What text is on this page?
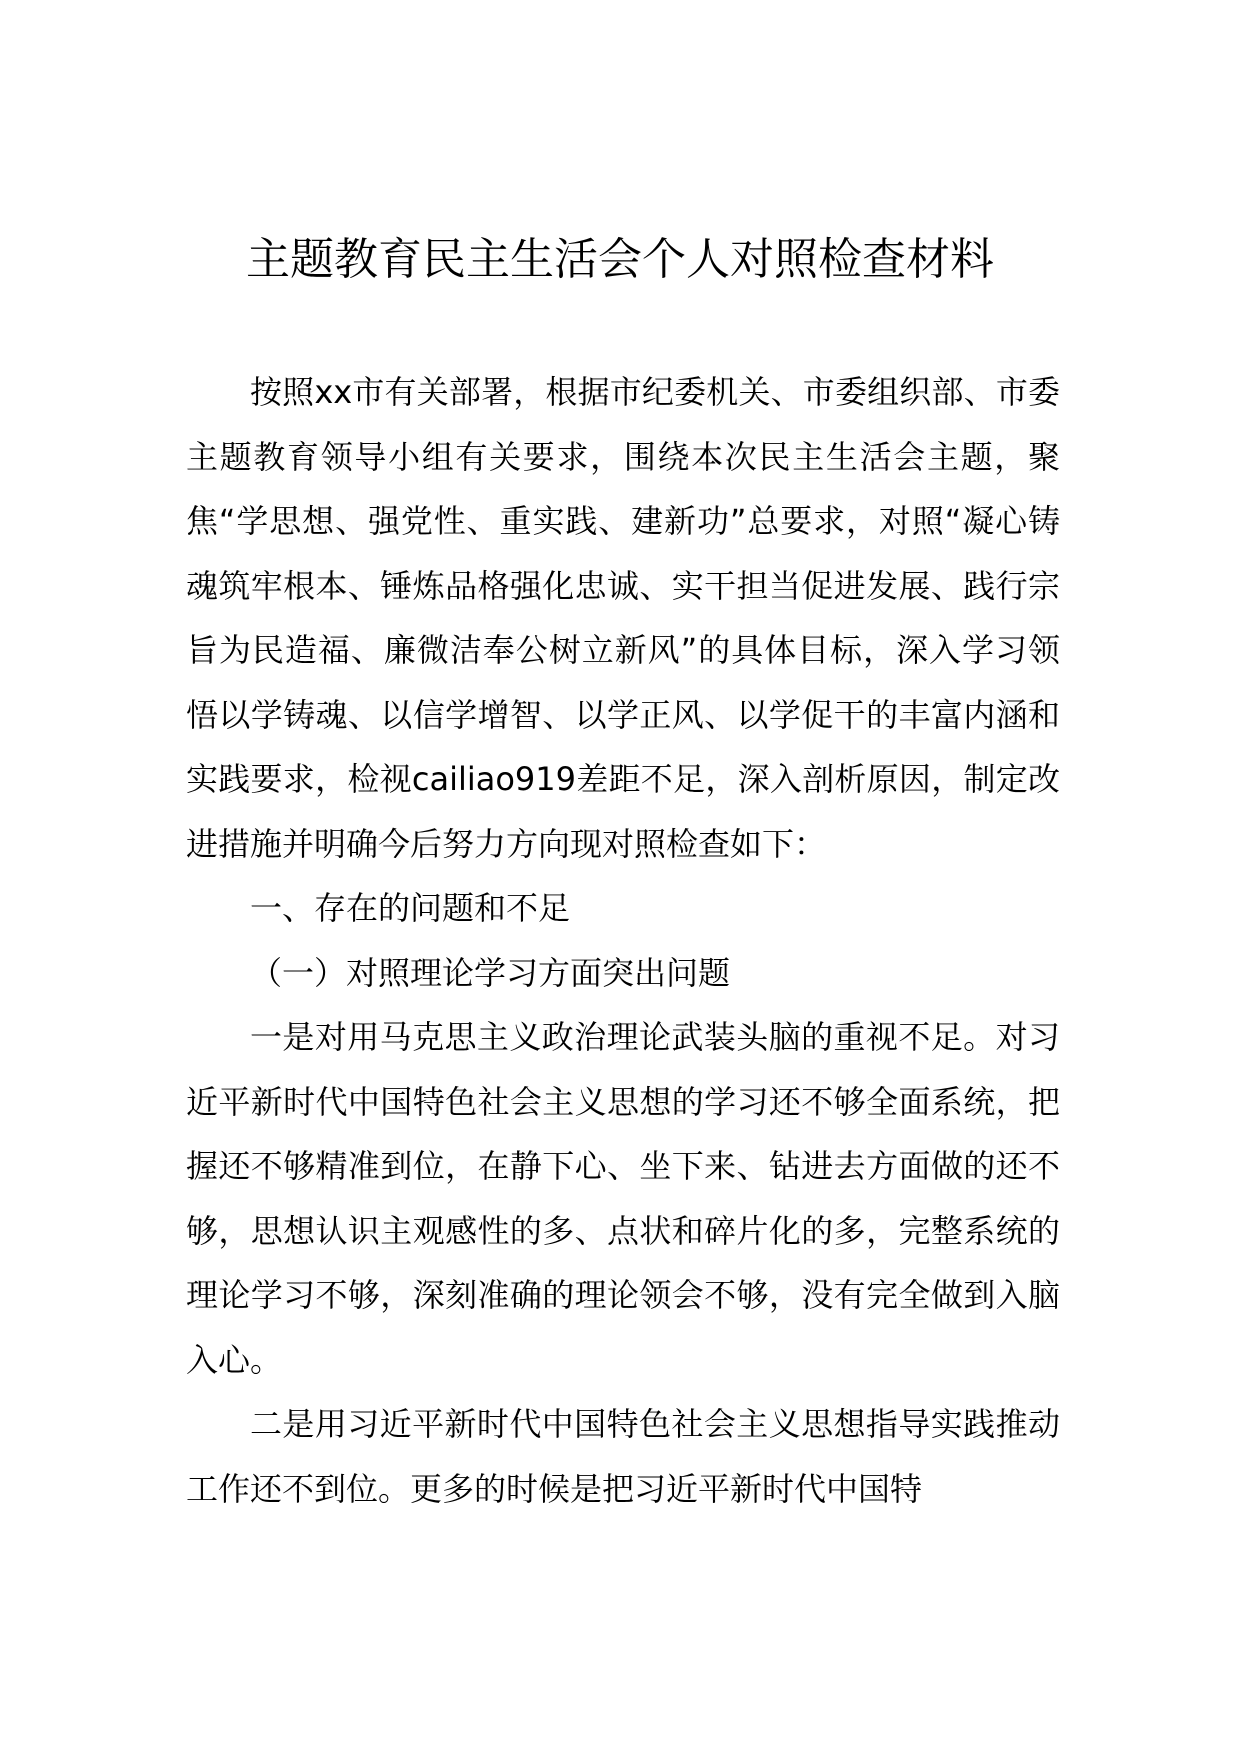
主题教育民主生活会个人对照检查材料

按照xx市有关部署，根据市纪委机关、市委组织部、市委主题教育领导小组有关要求，围绕本次民主生活会主题，聚焦“学思想、强党性、重实践、建新功”总要求，对照“凝心铸魂筑牢根本、锤炼品格强化忠诚、实干担当促进发展、践行宗旨为民造福、廉微洁奉公树立新风”的具体目标，深入学习领悟以学铸魂、以信学增智、以学正风、以学促干的丰富内涵和实践要求，检视cailiao919差距不足，深入剖析原因，制定改进措施并明确今后努力方向现对照检查如下：

一、存在的问题和不足

（一）对照理论学习方面突出问题

一是对用马克思主义政治理论武装头脑的重视不足。对习近平新时代中国特色社会主义思想的学习还不够全面系统，把握还不够精准到位，在静下心、坐下来、钻进去方面做的还不够，思想认识主观感性的多、点状和碎片化的多，完整系统的理论学习不够，深刻准确的理论领会不够，没有完全做到入脑入心。

二是用习近平新时代中国特色社会主义思想指导实践推动工作还不到位。更多的时候是把习近平新时代中国特
